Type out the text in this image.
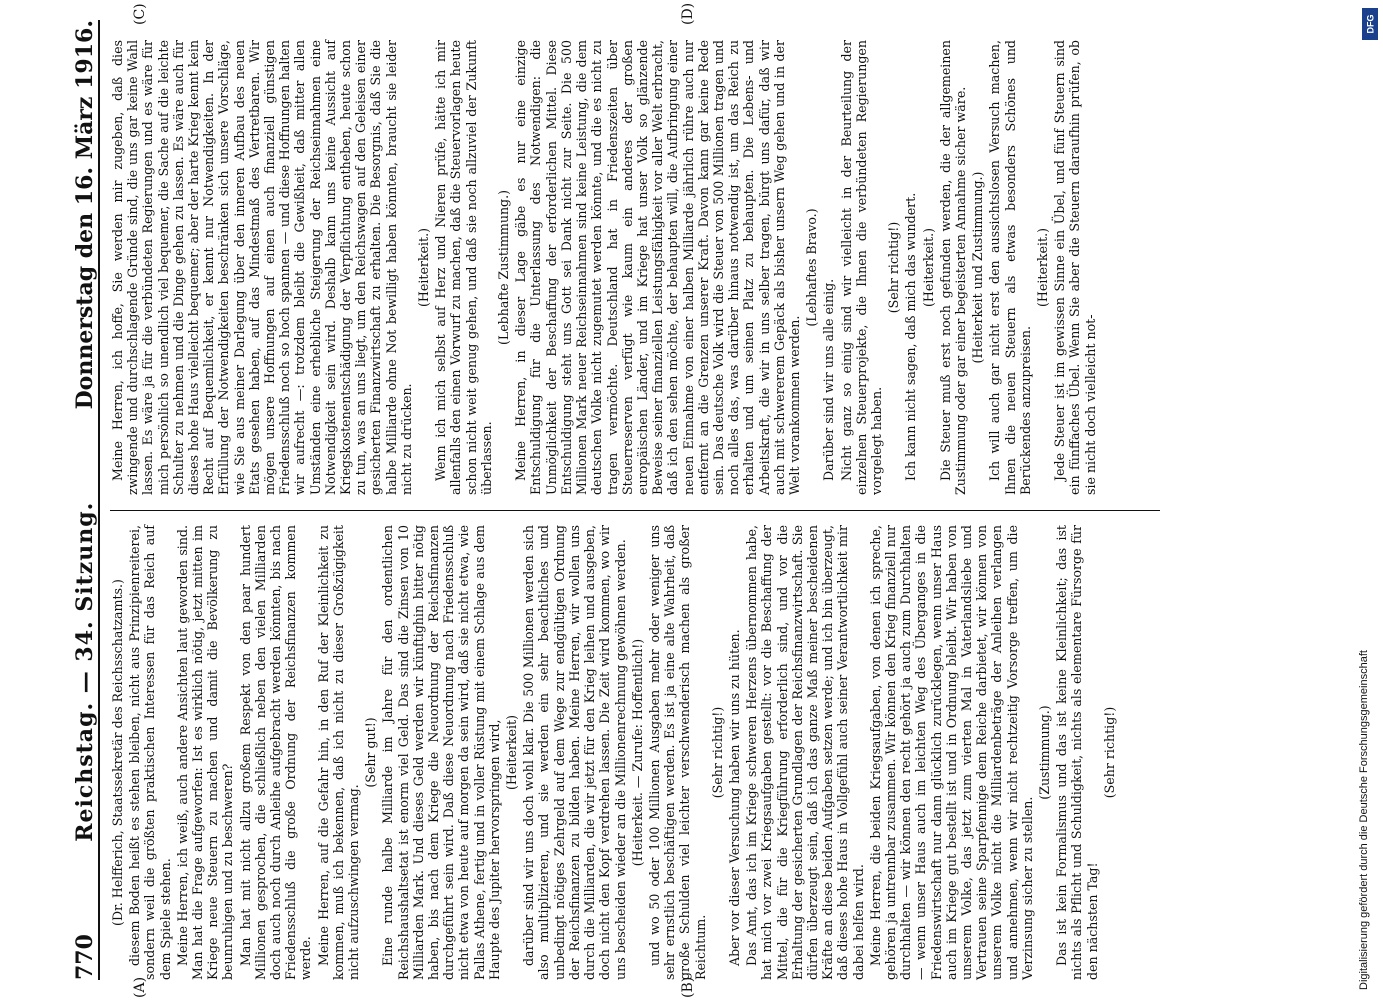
770
Reichstag. — 34. Sitzung.
Donnerstag den 16. März 1916.
(A)	(B)
(C)	(D)

(Dr. Helfferich, Staatssekretär des Reichsschatzamts.) diesem Boden heißt es stehen bleiben, nicht aus Prinzipienreiterei, sondern weil die größten praktischen Interessen für das Reich auf dem Spiele stehen. Meine Herren, ich weiß, auch andere Ansichten laut geworden sind. Man hat die Frage aufgeworfen: Ist es wirklich nötig, jetzt mitten im Kriege neue Steuern zu machen und damit die Bevölkerung zu beunruhigen und zu beschweren? Man hat mit nicht allzu großem Respekt von den paar hundert Millionen gesprochen, die schließlich neben den vielen Milliarden doch auch noch durch Anleihe aufgebracht werden könnten, bis nach Friedensschluß die große Ordnung der Reichsfinanzen kommen werde. Meine Herren, auf die Gefahr hin, in den Ruf der Kleinlichkeit zu kommen, muß ich bekennen, daß ich nicht zu dieser Großzügigkeit nicht aufzuschwingen vermag.

(Sehr gut!) Eine runde halbe Milliarde im Jahre für den ordentlichen Reichshaushaltsetat ist enorm viel Geld. Das sind die Zinsen von 10 Milliarden Mark. Und dieses Geld werden wir künftighin bitter nötig haben, bis nach dem Kriege die Neuordnung der Reichsfinanzen durchgeführt sein wird. Daß diese Neuordnung nach Friedensschluß nicht etwa von heute auf morgen da sein wird, daß sie nicht etwa, wie Pallas Athene, fertig und in voller Rüstung mit einem Schlage aus dem Haupte des Jupiter hervorspringen wird, (Heiterkeit) darüber sind wir uns doch wohl klar. Die 500 Millionen werden sich also multiplizieren, und sie werden ein sehr beachtliches und unbedingt nötiges Zehrgeld auf dem Wege zur endgültigen Ordnung der Reichsfinanzen zu bilden haben. Meine Herren, wir wollen uns durch die Milliarden, die wir jetzt für den Krieg leihen und ausgeben, doch nicht den Kopf verdrehen lassen. Die Zeit wird kommen, wo wir uns bescheiden wieder an die Millionenrechnung gewöhnen werden. (Heiterkeit. — Zurufe: Hoffentlich!) und wo 50 oder 100 Millionen Ausgaben mehr oder weniger uns sehr ernstlich beschäftigen werden. Es ist ja eine alte Wahrheit, daß große Schulden viel leichter verschwenderisch machen als großer Reichtum.

(Sehr richtig!) Aber vor dieser Versuchung haben wir uns zu hüten. Das Amt, das ich im Kriege schweren Herzens übernommen habe, hat mich vor zwei Kriegsaufgaben gestellt: vor die Beschaffung der Mittel, die für die Kriegführung erforderlich sind, und vor die Erhaltung der gesicherten Grundlagen der Reichsfinanzwirtschaft. Sie dürfen überzeugt sein, daß ich das ganze Maß meiner bescheidenen Kräfte an diese beiden Aufgaben setzen werde; und ich bin überzeugt, daß dieses hohe Haus in Vollgefühl auch seiner Verantwortlichkeit mir dabei helfen wird. Meine Herren, die beiden Kriegsaufgaben, von denen ich spreche, gehören ja untrennbar zusammen. Wir können den Krieg finanziell nur durchhalten — wir können den recht gehört ja auch zum Durchhalten — wenn unser Haus auch im leichten Weg des Überganges in die Friedenswirtschaft nur dann glücklich zurücklegen, wenn unser Haus auch im Kriege gut bestellt ist und in Ordnung bleibt. Wir haben von unserem Volke, das jetzt zum vierten Mal in Vaterlandsliebe und Vertrauen seine Sparpfennige dem Reiche darbietet, wir können von unserem Volke nicht die Milliardenbeträge der Anleihen verlangen und annehmen, wenn wir nicht rechtzeitig Vorsorge treffen, um die Verzinsung sicher zu stellen.

(Zustimmung.) Das ist kein Formalismus und das ist keine Kleinlichkeit; das ist nichts als Pflicht und Schuldigkeit, nichts als elementare Fürsorge für den nächsten Tag!

(Sehr richtig!)

Meine Herren, ich hoffe, Sie werden mir zugeben, daß dies zwingende und durchschlagende Gründe sind, die uns gar keine Wahl lassen. Es wäre ja für die verbündeten Regierungen und es wäre für mich persönlich so unendlich viel bequemer, die Sache auf die leichte Schulter zu nehmen und die Dinge gehen zu lassen. Es wäre auch für dieses hohe Haus vielleicht bequemer; aber der harte Krieg kennt kein Recht auf Bequemlichkeit, er kennt nur Notwendigkeiten. In der Erfüllung der Notwendigkeiten beschränken sich unsere Vorschläge, wie Sie aus meiner Darlegung über den inneren Aufbau des neuen Etats gesehen haben, auf das Mindestmaß des Vertretbaren. Wir mögen unsere Hoffnungen auf einen auch finanziell günstigen Friedensschluß noch so hoch spannen — und diese Hoffnungen halten wir aufrecht —: trotzdem bleibt die Gewißheit, daß mitter allen Umständen eine erhebliche Steigerung der Reichseinnahmen eine Notwendigkeit sein wird. Deshalb kann uns keine Aussicht auf Kriegskostenentschädigung der Verpflichtung entheben, heute schon zu tun, was an uns liegt, um den Reichswagen auf den Geleisen einer gesicherten Finanzwirtschaft zu erhalten. Die Besorgnis, daß Sie die halbe Milliarde ohne Not bewilligt haben könnten, braucht sie leider nicht zu drücken.

(Heiterkeit.) Wenn ich mich selbst auf Herz und Nieren prüfe, hätte ich mir allenfalls den einen Vorwurf zu machen, daß die Steuervorlagen heute schon nicht weit genug gehen, und daß sie noch allzuviel der Zukunft überlassen.

(Lebhafte Zustimmung.) Meine Herren, in dieser Lage gäbe es nur eine einzige Entschuldigung für die Unterlassung des Notwendigen: die Unmöglichkeit der Beschaffung der erforderlichen Mittel. Diese Entschuldigung steht uns Gott sei Dank nicht zur Seite. Die 500 Millionen Mark neuer Reichseinnahmen sind keine Leistung, die dem deutschen Volke nicht zugemutet werden könnte, und die es nicht zu tragen vermöchte. Deutschland hat in Friedenszeiten über Steuerreserven verfügt wie kaum ein anderes der großen europäischen Länder, und im Kriege hat unser Volk so glänzende Beweise seiner finanziellen Leistungsfähigkeit vor aller Welt erbracht, daß ich den sehen möchte, der behaupten will, die Aufbringung einer neuen Einnahme von einer halben Milliarde jährlich rühre auch nur entfernt an die Grenzen unserer Kraft. Davon kann gar keine Rede sein. Das deutsche Volk wird die Steuer von 500 Millionen tragen und noch alles das, was darüber hinaus notwendig ist, um das Reich zu erhalten und um seinen Platz zu behaupten. Die Lebens- und Arbeitskraft, die wir in uns selber tragen, bürgt uns dafür, daß wir auch mit schwererem Gepäck als bisher unsern Weg gehen und in der Welt vorankommen werden.

(Lebhaftes Bravo.)

Darüber sind wir uns alle einig. Nicht ganz so einig sind wir vielleicht in der Beurteilung der einzelnen Steuerprojekte, die Ihnen die verbündeten Regierungen vorgelegt haben.

(Sehr richtig!) Ich kann nicht sagen, daß mich das wundert. (Heiterkeit.) Die Steuer muß erst noch gefunden werden, die der allgemeinen Zustimmung oder gar einer begeisterten Annahme sicher wäre. (Heiterkeit und Zustimmung.) Ich will auch gar nicht erst den aussichtslosen Versuch machen, Ihnen die neuen Steuern als etwas besonders Schönes und Berückendes anzupreisen.

(Heiterkeit.) Jede Steuer ist im gewissen Sinne ein Übel, und fünf Steuern sind ein fünffaches Übel. Wenn Sie aber die Steuern daraufhin prüfen, ob sie nicht doch vielleicht not-

DFG
Digitalisierung gefördert durch die Deutsche Forschungsgemeinschaft
